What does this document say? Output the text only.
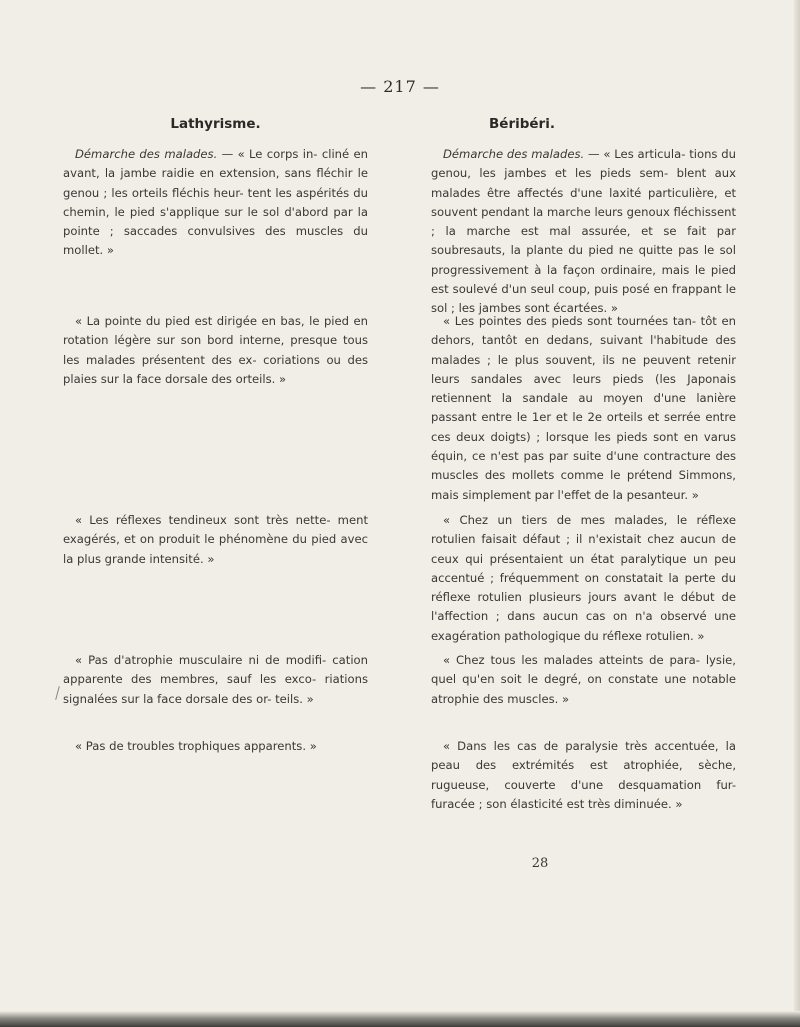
— 217 —
Lathyrisme.

Démarche des malades. — « Le corps in- cliné en avant, la jambe raidie en extension, sans fléchir le genou ; les orteils fléchis heur- tent les aspérités du chemin, le pied s'applique sur le sol d'abord par la pointe ; saccades convulsives des muscles du mollet. »

« La pointe du pied est dirigée en bas, le pied en rotation légère sur son bord interne, presque tous les malades présentent des ex- coriations ou des plaies sur la face dorsale des orteils. »

« Les réflexes tendineux sont très nette- ment exagérés, et on produit le phénomène du pied avec la plus grande intensité. »

« Pas d'atrophie musculaire ni de modifi- cation apparente des membres, sauf les exco- riations signalées sur la face dorsale des or- teils. »

« Pas de troubles trophiques apparents. »

Béribéri.

Démarche des malades. — « Les articula- tions du genou, les jambes et les pieds sem- blent aux malades être affectés d'une laxité particulière, et souvent pendant la marche leurs genoux fléchissent ; la marche est mal assurée, et se fait par soubresauts, la plante du pied ne quitte pas le sol progressivement à la façon ordinaire, mais le pied est soulevé d'un seul coup, puis posé en frappant le sol ; les jambes sont écartées. »

« Les pointes des pieds sont tournées tan- tôt en dehors, tantôt en dedans, suivant l'habitude des malades ; le plus souvent, ils ne peuvent retenir leurs sandales avec leurs pieds (les Japonais retiennent la sandale au moyen d'une lanière passant entre le 1er et le 2e orteils et serrée entre ces deux doigts) ; lorsque les pieds sont en varus équin, ce n'est pas par suite d'une contracture des muscles des mollets comme le prétend Simmons, mais simplement par l'effet de la pesanteur. »

« Chez un tiers de mes malades, le réflexe rotulien faisait défaut ; il n'existait chez aucun de ceux qui présentaient un état paralytique un peu accentué ; fréquemment on constatait la perte du réflexe rotulien plusieurs jours avant le début de l'affection ; dans aucun cas on n'a observé une exagération pathologique du réflexe rotulien. »

« Chez tous les malades atteints de para- lysie, quel qu'en soit le degré, on constate une notable atrophie des muscles. »

« Dans les cas de paralysie très accentuée, la peau des extrémités est atrophiée, sèche, rugueuse, couverte d'une desquamation fur- furacée ; son élasticité est très diminuée. »

28
